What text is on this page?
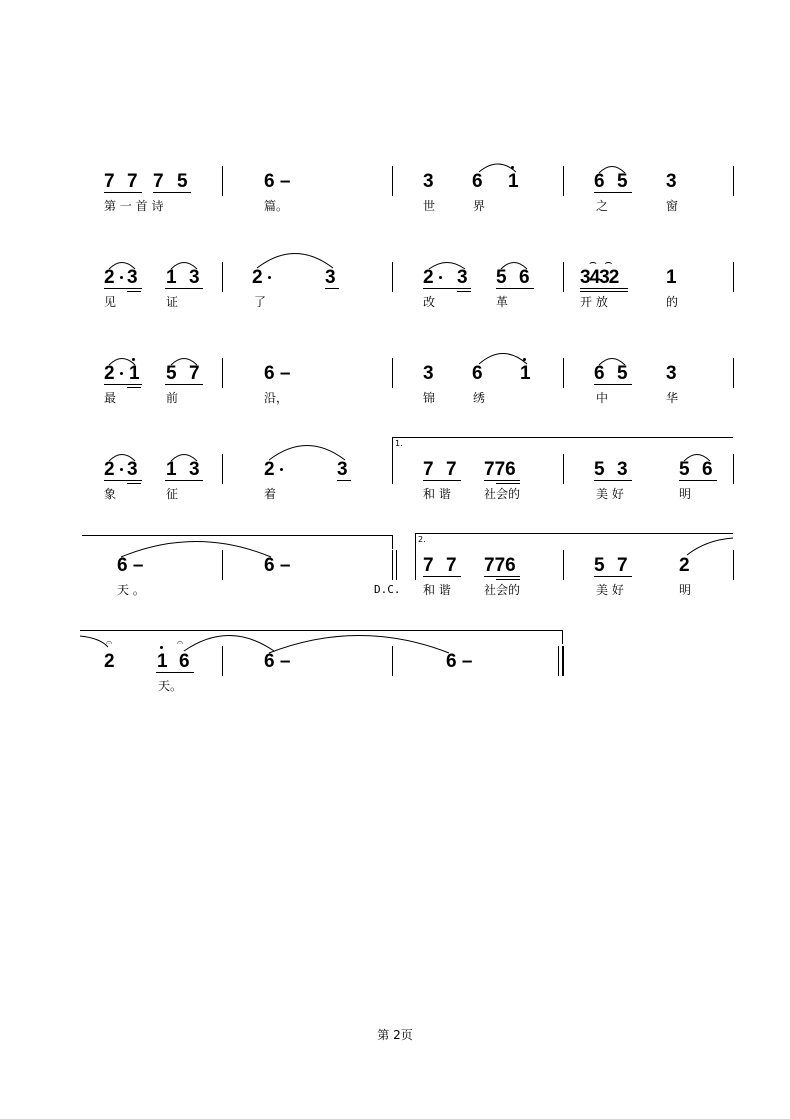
7 7 7 5
第 一 首 诗
6 –
篇。
3 6 1
世	界
6 5 3
之	窗
2 3 1 3
见	证
2	3
了
2 3 5 6
改	革
3432
⌢  ⌢
1
开 放	的
2 1 5 7
最	前
6 –
沿，
3 6 1
锦	绣
6 5 3
中	华
2 3 1 3
象	征
2	3
着
1.
7 7 776
和 谐	社会的
5 3	5 6
美 好	明
6 –
天 。
6 –
D.C.
2.
7 7 776
和 谐	社会的
5 7	2
美 好	明
𝄐
2 1
𝄐
6
天。
6 –	6 –
第 2页
